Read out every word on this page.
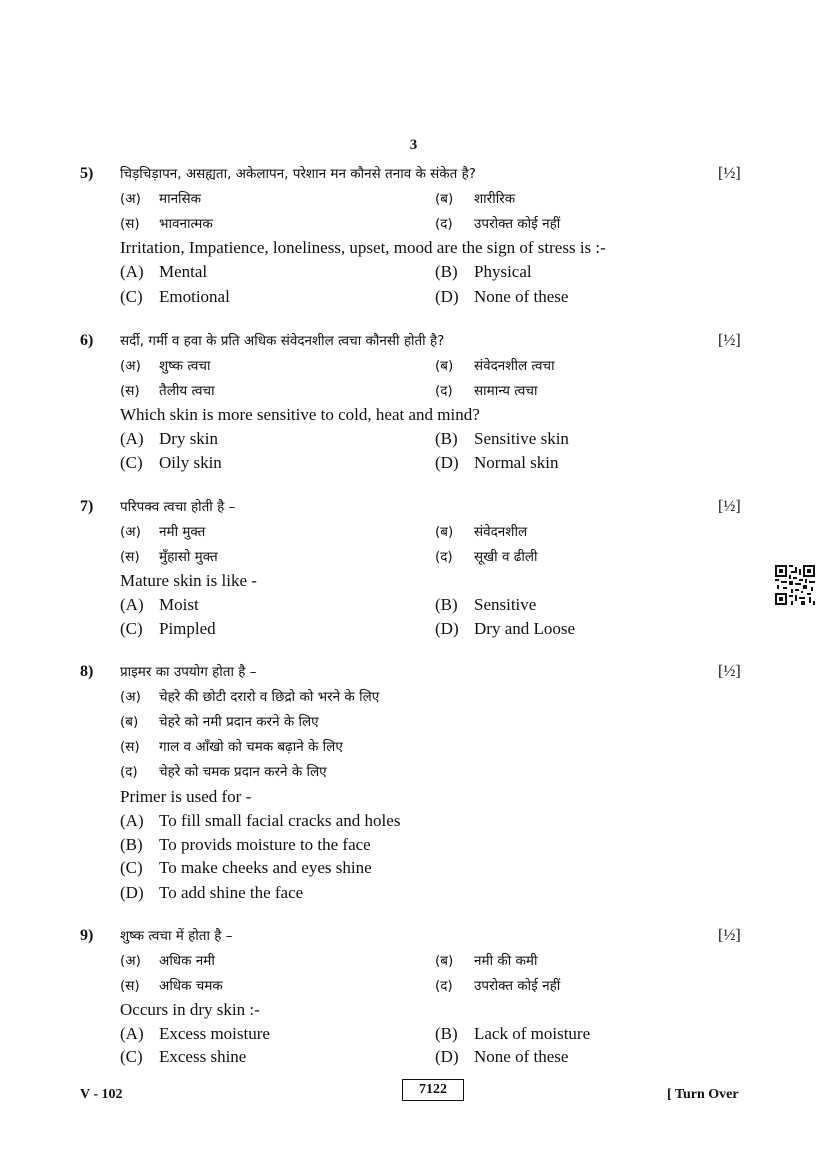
3
5) चिड़चिड़ापन, असह्यता, अकेलापन, परेशान मन कौनसे तनाव के संकेत है?	[½]
(अ) मानसिक	(ब) शारीरिक
(स) भावनात्मक	(द) उपरोक्त कोई नहीं
Irritation, Impatience, loneliness, upset, mood are the sign of stress is :-
(A) Mental	(B) Physical
(C) Emotional	(D) None of these
6) सर्दी, गर्मी व हवा के प्रति अधिक संवेदनशील त्वचा कौनसी होती है?	[½]
(अ) शुष्क त्वचा	(ब) संवेदनशील त्वचा
(स) तैलीय त्वचा	(द) सामान्य त्वचा
Which skin is more sensitive to cold, heat and mind?
(A) Dry skin	(B) Sensitive skin
(C) Oily skin	(D) Normal skin
7) परिपक्व त्वचा होती है –	[½]
(अ) नमी मुक्त	(ब) संवेदनशील
(स) मुँहासो मुक्त	(द) सूखी व ढीली
Mature skin is like -
(A) Moist	(B) Sensitive
(C) Pimpled	(D) Dry and Loose
8) प्राइमर का उपयोग होता है –	[½]
(अ) चेहरे की छोटी दरारो व छिद्रो को भरने के लिए
(ब) चेहरे को नमी प्रदान करने के लिए
(स) गाल व आँखो को चमक बढ़ाने के लिए
(द) चेहरे को चमक प्रदान करने के लिए
Primer is used for -
(A) To fill small facial cracks and holes
(B) To provids moisture to the face
(C) To make cheeks and eyes shine
(D) To add shine the face
9) शुष्क त्वचा में होता है –	[½]
(अ) अधिक नमी	(ब) नमी की कमी
(स) अधिक चमक	(द) उपरोक्त कोई नहीं
Occurs in dry skin :-
(A) Excess moisture	(B) Lack of moisture
(C) Excess shine	(D) None of these
V - 102	7122	[ Turn Over
